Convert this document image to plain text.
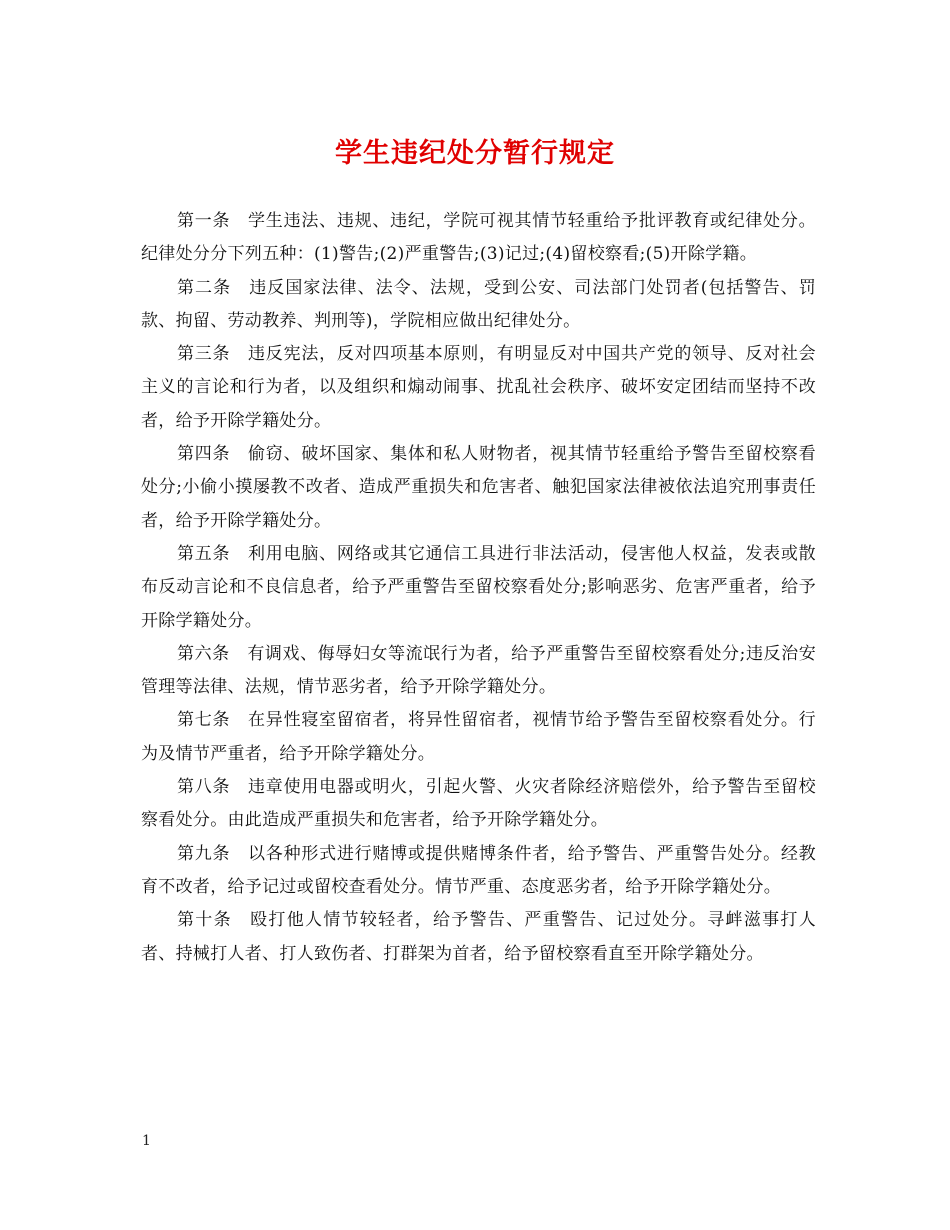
学生违纪处分暂行规定

第一条　学生违法、违规、违纪，学院可视其情节轻重给予批评教育或纪律处分。纪律处分分下列五种：(1)警告;(2)严重警告;(3)记过;(4)留校察看;(5)开除学籍。

第二条　违反国家法律、法令、法规，受到公安、司法部门处罚者(包括警告、罚款、拘留、劳动教养、判刑等)，学院相应做出纪律处分。

第三条　违反宪法，反对四项基本原则，有明显反对中国共产党的领导、反对社会主义的言论和行为者，以及组织和煽动闹事、扰乱社会秩序、破坏安定团结而坚持不改者，给予开除学籍处分。

第四条　偷窃、破坏国家、集体和私人财物者，视其情节轻重给予警告至留校察看处分;小偷小摸屡教不改者、造成严重损失和危害者、触犯国家法律被依法追究刑事责任者，给予开除学籍处分。

第五条　利用电脑、网络或其它通信工具进行非法活动，侵害他人权益，发表或散布反动言论和不良信息者，给予严重警告至留校察看处分;影响恶劣、危害严重者，给予开除学籍处分。

第六条　有调戏、侮辱妇女等流氓行为者，给予严重警告至留校察看处分;违反治安管理等法律、法规，情节恶劣者，给予开除学籍处分。

第七条　在异性寝室留宿者，将异性留宿者，视情节给予警告至留校察看处分。行为及情节严重者，给予开除学籍处分。

第八条　违章使用电器或明火，引起火警、火灾者除经济赔偿外，给予警告至留校察看处分。由此造成严重损失和危害者，给予开除学籍处分。

第九条　以各种形式进行赌博或提供赌博条件者，给予警告、严重警告处分。经教育不改者，给予记过或留校查看处分。情节严重、态度恶劣者，给予开除学籍处分。

第十条　殴打他人情节较轻者，给予警告、严重警告、记过处分。寻衅滋事打人者、持械打人者、打人致伤者、打群架为首者，给予留校察看直至开除学籍处分。

1
